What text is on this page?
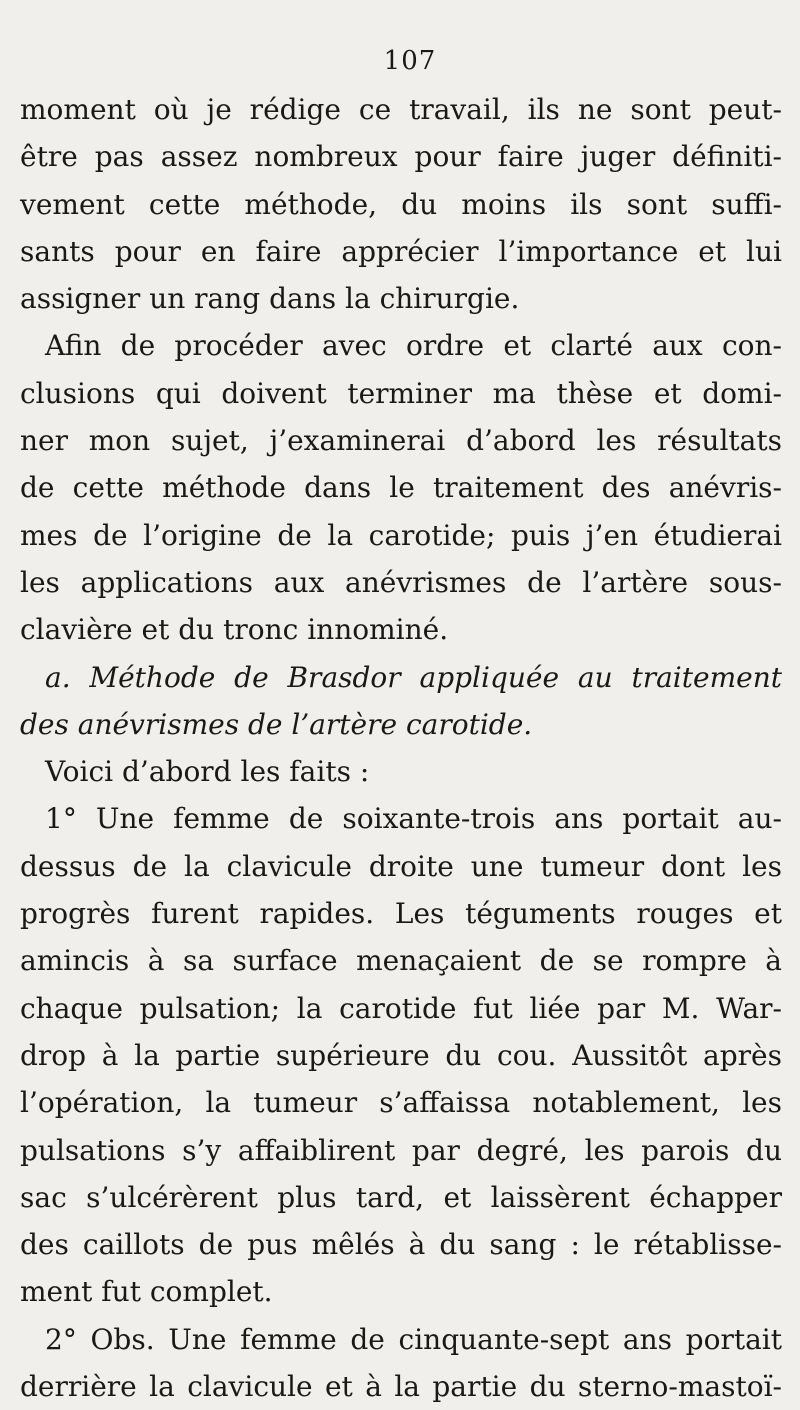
107
moment où je rédige ce travail, ils ne sont peut-
être pas assez nombreux pour faire juger définiti-
vement cette méthode, du moins ils sont suffi-
sants pour en faire apprécier l’importance et lui
assigner un rang dans la chirurgie.
Afin de procéder avec ordre et clarté aux con-
clusions qui doivent terminer ma thèse et domi-
ner mon sujet, j’examinerai d’abord les résultats
de cette méthode dans le traitement des anévris-
mes de l’origine de la carotide; puis j’en étudierai
les applications aux anévrismes de l’artère sous-
clavière et du tronc innominé.
a. Méthode de Brasdor appliquée au traitement
des anévrismes de l’artère carotide.
Voici d’abord les faits :
1° Une femme de soixante-trois ans portait au-
dessus de la clavicule droite une tumeur dont les
progrès furent rapides. Les téguments rouges et
amincis à sa surface menaçaient de se rompre à
chaque pulsation; la carotide fut liée par M. War-
drop à la partie supérieure du cou. Aussitôt après
l’opération, la tumeur s’affaissa notablement, les
pulsations s’y affaiblirent par degré, les parois du
sac s’ulcérèrent plus tard, et laissèrent échapper
des caillots de pus mêlés à du sang : le rétablisse-
ment fut complet.
2° Obs. Une femme de cinquante-sept ans portait
derrière la clavicule et à la partie du sterno-mastoï-
